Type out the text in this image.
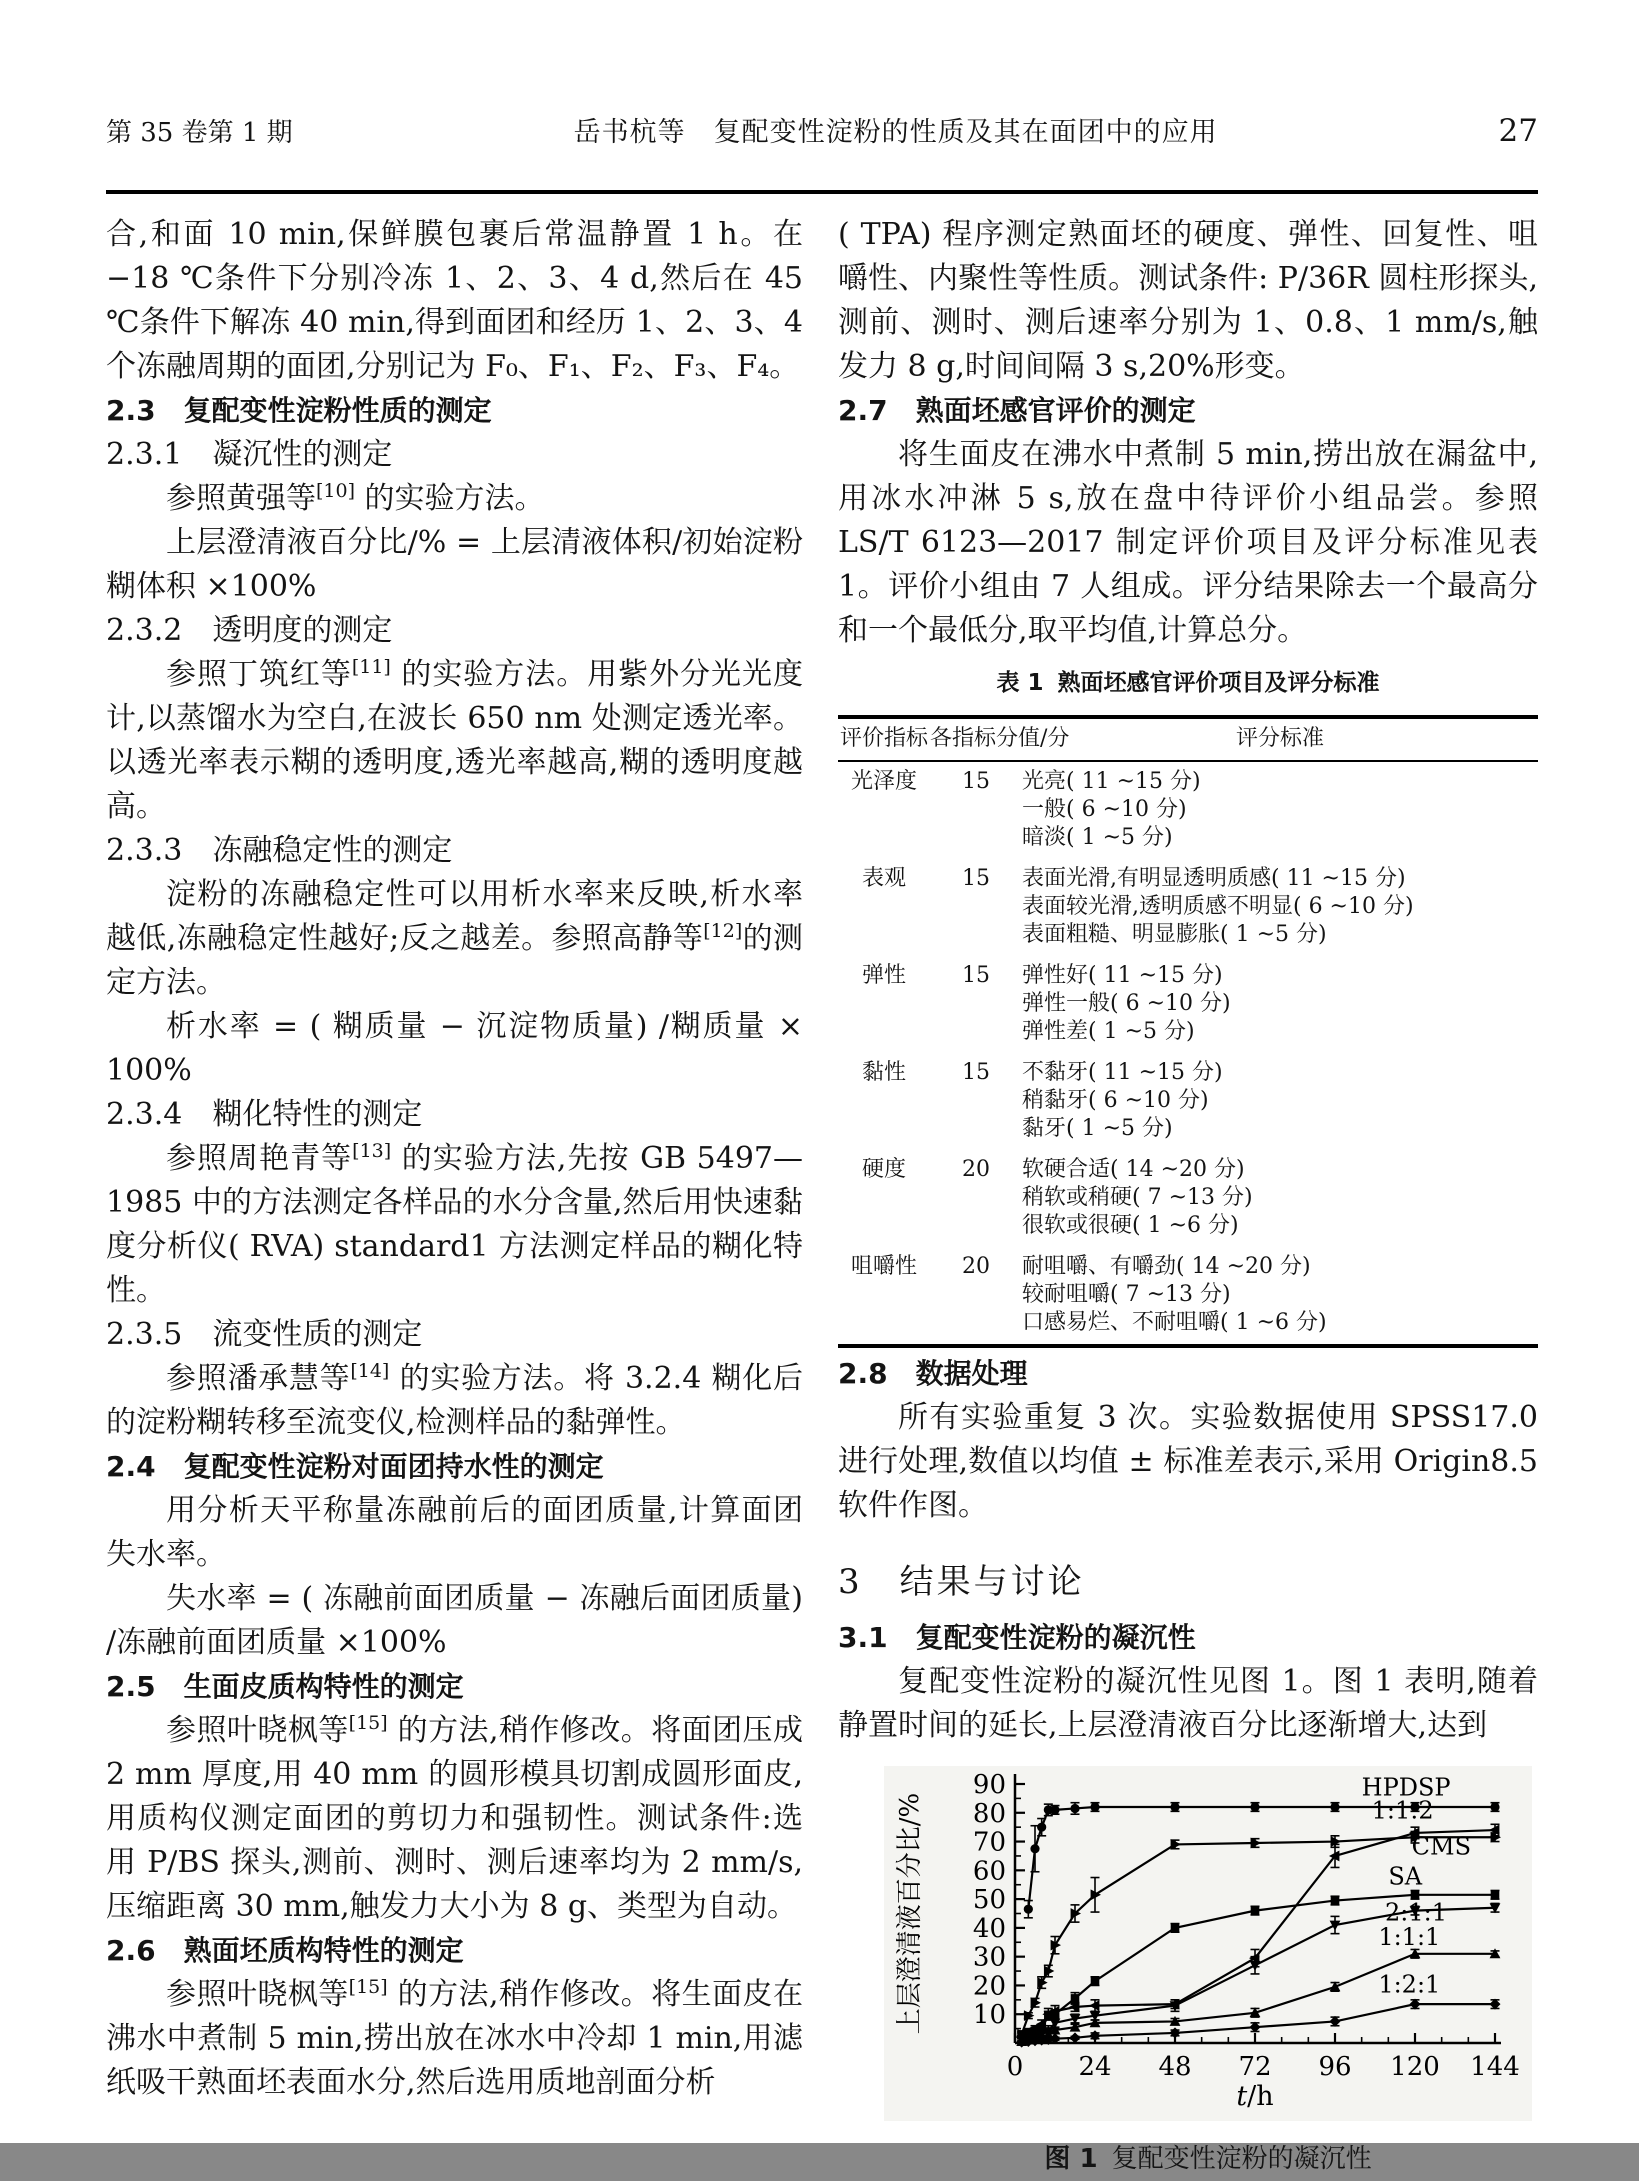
第 35 卷第 1 期	岳书杭等　复配变性淀粉的性质及其在面团中的应用	27
合,和面 10 min,保鲜膜包裹后常温静置 1 h。在 −18 ℃条件下分别冷冻 1、2、3、4 d,然后在 45 ℃条件下解冻 40 min,得到面团和经历 1、2、3、4 个冻融周期的面团,分别记为 F₀、F₁、F₂、F₃、F₄。
2.3　复配变性淀粉性质的测定
2.3.1　凝沉性的测定
参照黄强等[10] 的实验方法。
上层澄清液百分比/% = 上层清液体积/初始淀粉糊体积 ×100%
2.3.2　透明度的测定
参照丁筑红等[11] 的实验方法。用紫外分光光度计,以蒸馏水为空白,在波长 650 nm 处测定透光率。以透光率表示糊的透明度,透光率越高,糊的透明度越高。
2.3.3　冻融稳定性的测定
淀粉的冻融稳定性可以用析水率来反映,析水率越低,冻融稳定性越好;反之越差。参照高静等[12]的测定方法。
析水率 = ( 糊质量 − 沉淀物质量) /糊质量 × 100%
2.3.4　糊化特性的测定
参照周艳青等[13] 的实验方法,先按 GB 5497—1985 中的方法测定各样品的水分含量,然后用快速黏度分析仪( RVA) standard1 方法测定样品的糊化特性。
2.3.5　流变性质的测定
参照潘承慧等[14] 的实验方法。将 3.2.4 糊化后的淀粉糊转移至流变仪,检测样品的黏弹性。
2.4　复配变性淀粉对面团持水性的测定
用分析天平称量冻融前后的面团质量,计算面团失水率。
失水率 = ( 冻融前面团质量 − 冻融后面团质量) /冻融前面团质量 ×100%
2.5　生面皮质构特性的测定
参照叶晓枫等[15] 的方法,稍作修改。将面团压成 2 mm 厚度,用 40 mm 的圆形模具切割成圆形面皮,用质构仪测定面团的剪切力和强韧性。测试条件:选用 P/BS 探头,测前、测时、测后速率均为 2 mm/s,压缩距离 30 mm,触发力大小为 8 g、类型为自动。
2.6　熟面坯质构特性的测定
参照叶晓枫等[15] 的方法,稍作修改。将生面皮在沸水中煮制 5 min,捞出放在冰水中冷却 1 min,用滤纸吸干熟面坯表面水分,然后选用质地剖面分析
( TPA) 程序测定熟面坯的硬度、弹性、回复性、咀嚼性、内聚性等性质。测试条件: P/36R 圆柱形探头,测前、测时、测后速率分别为 1、0.8、1 mm/s,触发力 8 g,时间间隔 3 s,20%形变。
2.7　熟面坯感官评价的测定
将生面皮在沸水中煮制 5 min,捞出放在漏盆中,用冰水冲淋 5 s,放在盘中待评价小组品尝。参照 LS/T 6123—2017 制定评价项目及评分标准见表 1。评价小组由 7 人组成。评分结果除去一个最高分和一个最低分,取平均值,计算总分。
表 1 熟面坯感官评价项目及评分标准
评价指标	各指标分值/分	评分标准
光泽度	15	光亮( 11 ~15 分)
一般( 6 ~10 分)
暗淡( 1 ~5 分)

表观	15	表面光滑,有明显透明质感( 11 ~15 分)
表面较光滑,透明质感不明显( 6 ~10 分)
表面粗糙、明显膨胀( 1 ~5 分)

弹性	15	弹性好( 11 ~15 分)
弹性一般( 6 ~10 分)
弹性差( 1 ~5 分)

黏性	15	不黏牙( 11 ~15 分)
稍黏牙( 6 ~10 分)
黏牙( 1 ~5 分)

硬度	20	软硬合适( 14 ~20 分)
稍软或稍硬( 7 ~13 分)
很软或很硬( 1 ~6 分)

咀嚼性	20	耐咀嚼、有嚼劲( 14 ~20 分)
较耐咀嚼( 7 ~13 分)
口感易烂、不耐咀嚼( 1 ~6 分)
2.8　数据处理
所有实验重复 3 次。实验数据使用 SPSS17.0 进行处理,数值以均值 ± 标准差表示,采用 Origin8.5 软件作图。
3　结果与讨论
3.1　复配变性淀粉的凝沉性
复配变性淀粉的凝沉性见图 1。图 1 表明,随着静置时间的延长,上层澄清液百分比逐渐增大,达到
10
20
30
40
50
60
70
80
90
0 24 48 72 96 120 144
上层澄清液百分比/%
t/h
HPDSP
1:1:2
CMS
SA
2:1:1
1:1:1
1:2:1
图 1 复配变性淀粉的凝沉性
